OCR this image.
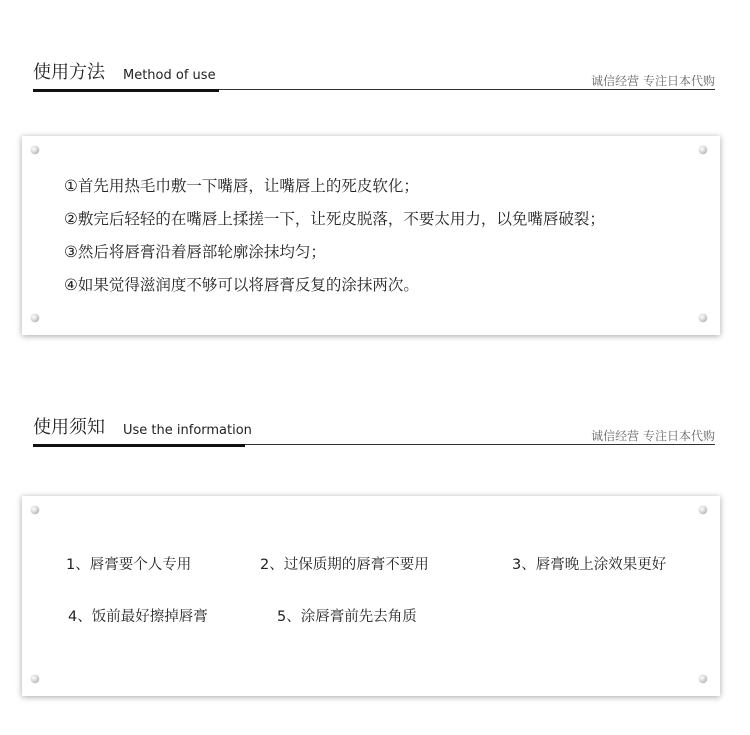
使用方法 Method of use	诚信经营 专注日本代购
①首先用热毛巾敷一下嘴唇，让嘴唇上的死皮软化；
②敷完后轻轻的在嘴唇上揉搓一下，让死皮脱落，不要太用力，以免嘴唇破裂；
③然后将唇膏沿着唇部轮廓涂抹均匀；
④如果觉得滋润度不够可以将唇膏反复的涂抹两次。
使用须知 Use the information	诚信经营 专注日本代购
1、唇膏要个人专用	2、过保质期的唇膏不要用	3、唇膏晚上涂效果更好
4、饭前最好擦掉唇膏	5、涂唇膏前先去角质
